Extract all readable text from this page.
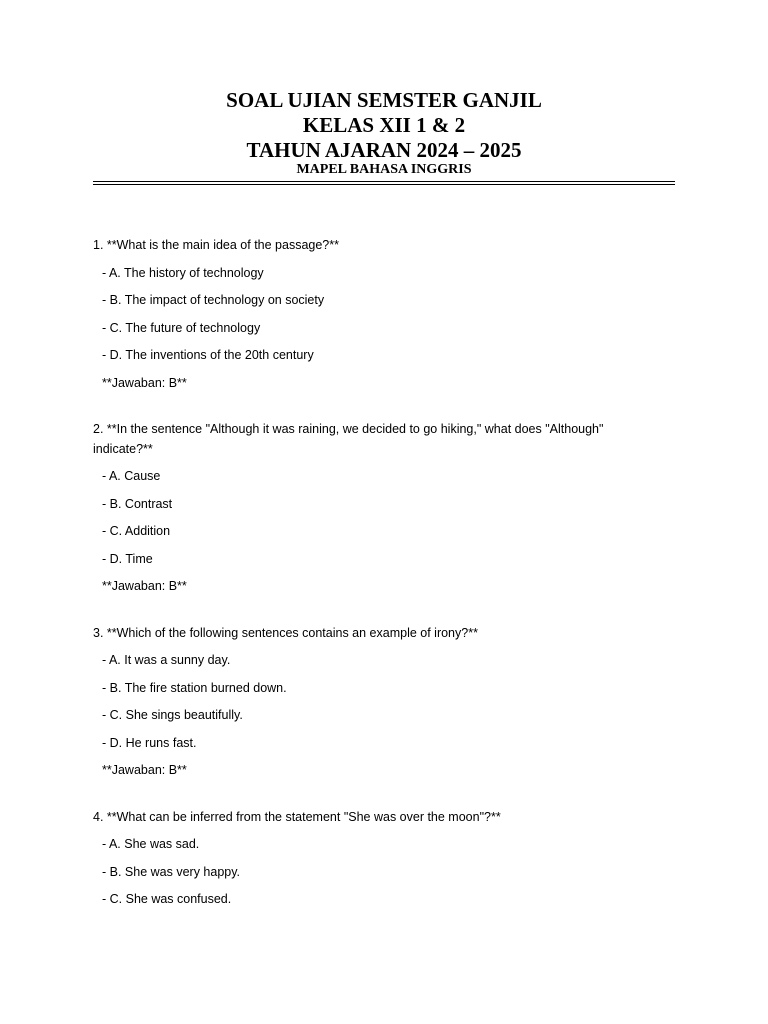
SOAL UJIAN SEMSTER GANJIL
KELAS XII 1 & 2
TAHUN AJARAN 2024 – 2025
MAPEL BAHASA INGGRIS

1. **What is the main idea of the passage?**

- A. The history of technology
- B. The impact of technology on society
- C. The future of technology
- D. The inventions of the 20th century
**Jawaban: B**

2. **In the sentence "Although it was raining, we decided to go hiking," what does "Although" indicate?**

- A. Cause
- B. Contrast
- C. Addition
- D. Time
**Jawaban: B**

3. **Which of the following sentences contains an example of irony?**

- A. It was a sunny day.
- B. The fire station burned down.
- C. She sings beautifully.
- D. He runs fast.
**Jawaban: B**

4. **What can be inferred from the statement "She was over the moon"?**

- A. She was sad.
- B. She was very happy.
- C. She was confused.
